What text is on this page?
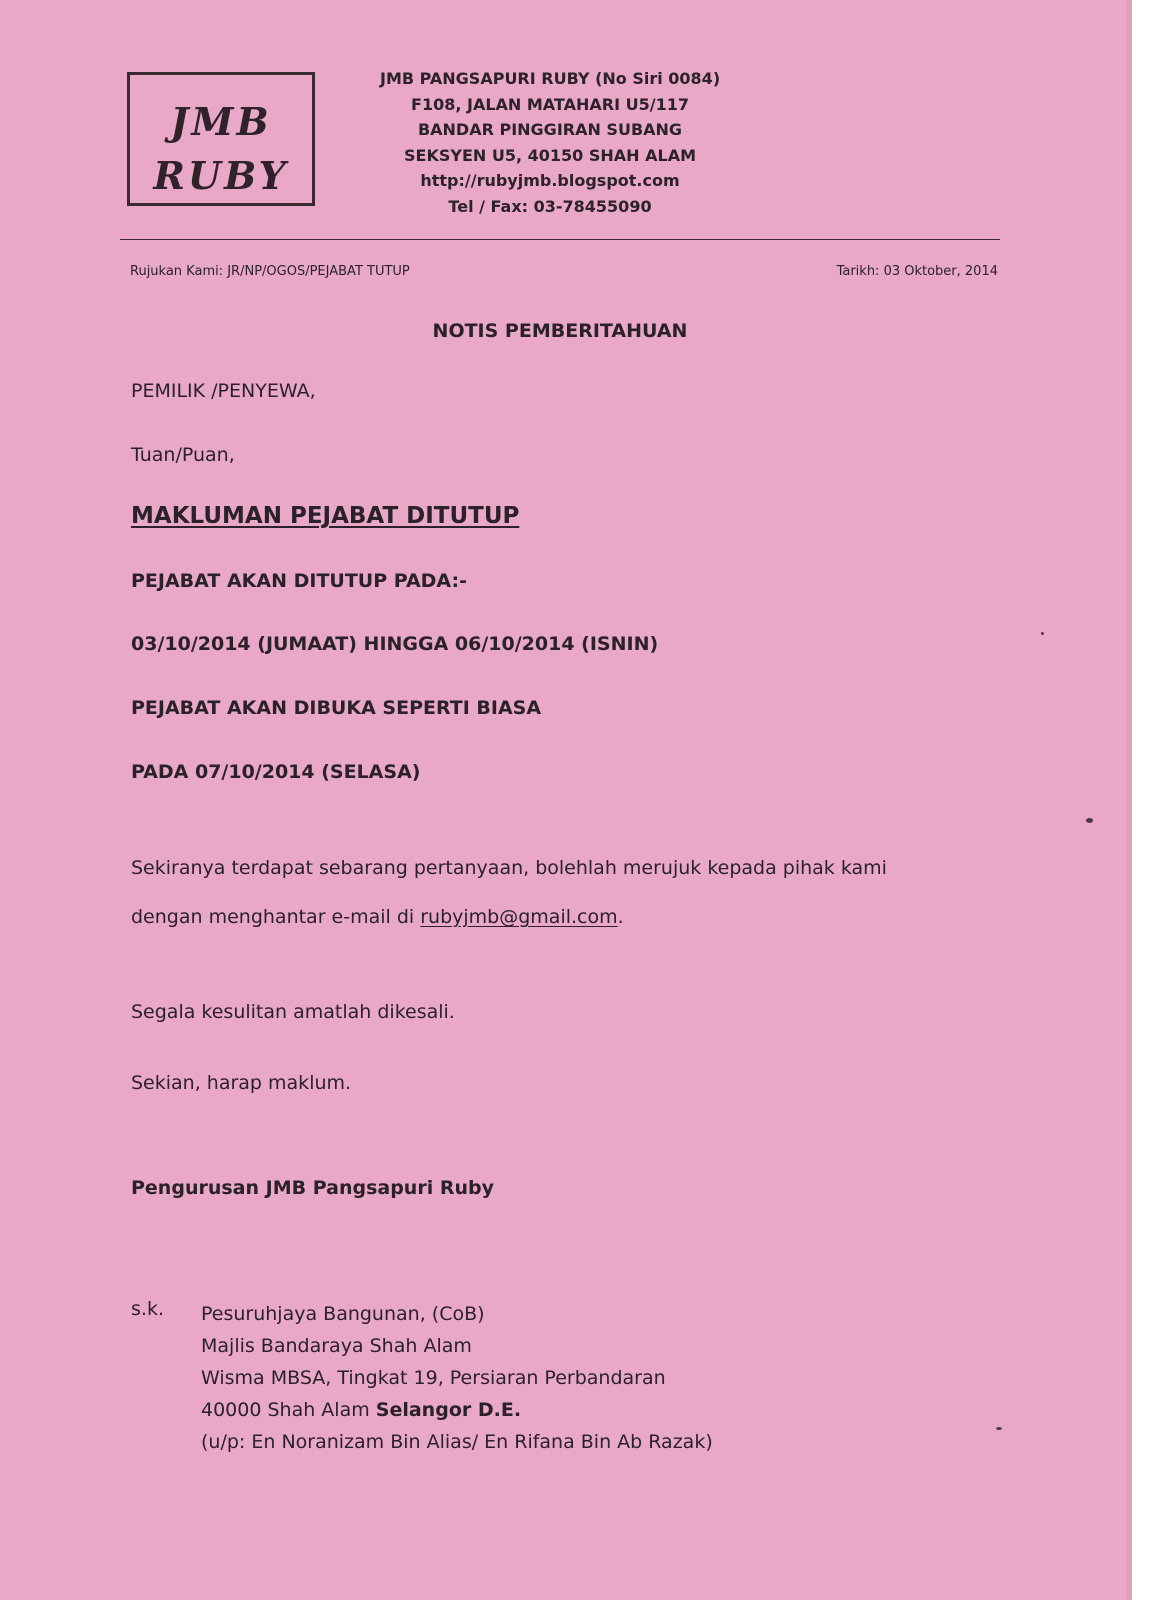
JMB
RUBY
JMB PANGSAPURI RUBY (No Siri 0084)
F108, JALAN MATAHARI U5/117
BANDAR PINGGIRAN SUBANG
SEKSYEN U5, 40150 SHAH ALAM
http://rubyjmb.blogspot.com
Tel / Fax: 03-78455090
Rujukan Kami: JR/NP/OGOS/PEJABAT TUTUP	Tarikh: 03 Oktober, 2014
NOTIS PEMBERITAHUAN
PEMILIK /PENYEWA,
Tuan/Puan,
MAKLUMAN PEJABAT DITUTUP
PEJABAT AKAN DITUTUP PADA:-
03/10/2014 (JUMAAT) HINGGA 06/10/2014 (ISNIN)
PEJABAT AKAN DIBUKA SEPERTI BIASA
PADA 07/10/2014 (SELASA)
Sekiranya terdapat sebarang pertanyaan, bolehlah merujuk kepada pihak kami
dengan menghantar e-mail di rubyjmb@gmail.com.
Segala kesulitan amatlah dikesali.
Sekian, harap maklum.
Pengurusan JMB Pangsapuri Ruby
s.k. Pesuruhjaya Bangunan, (CoB)
Majlis Bandaraya Shah Alam
Wisma MBSA, Tingkat 19, Persiaran Perbandaran
40000 Shah Alam Selangor D.E.
(u/p: En Noranizam Bin Alias/ En Rifana Bin Ab Razak)
